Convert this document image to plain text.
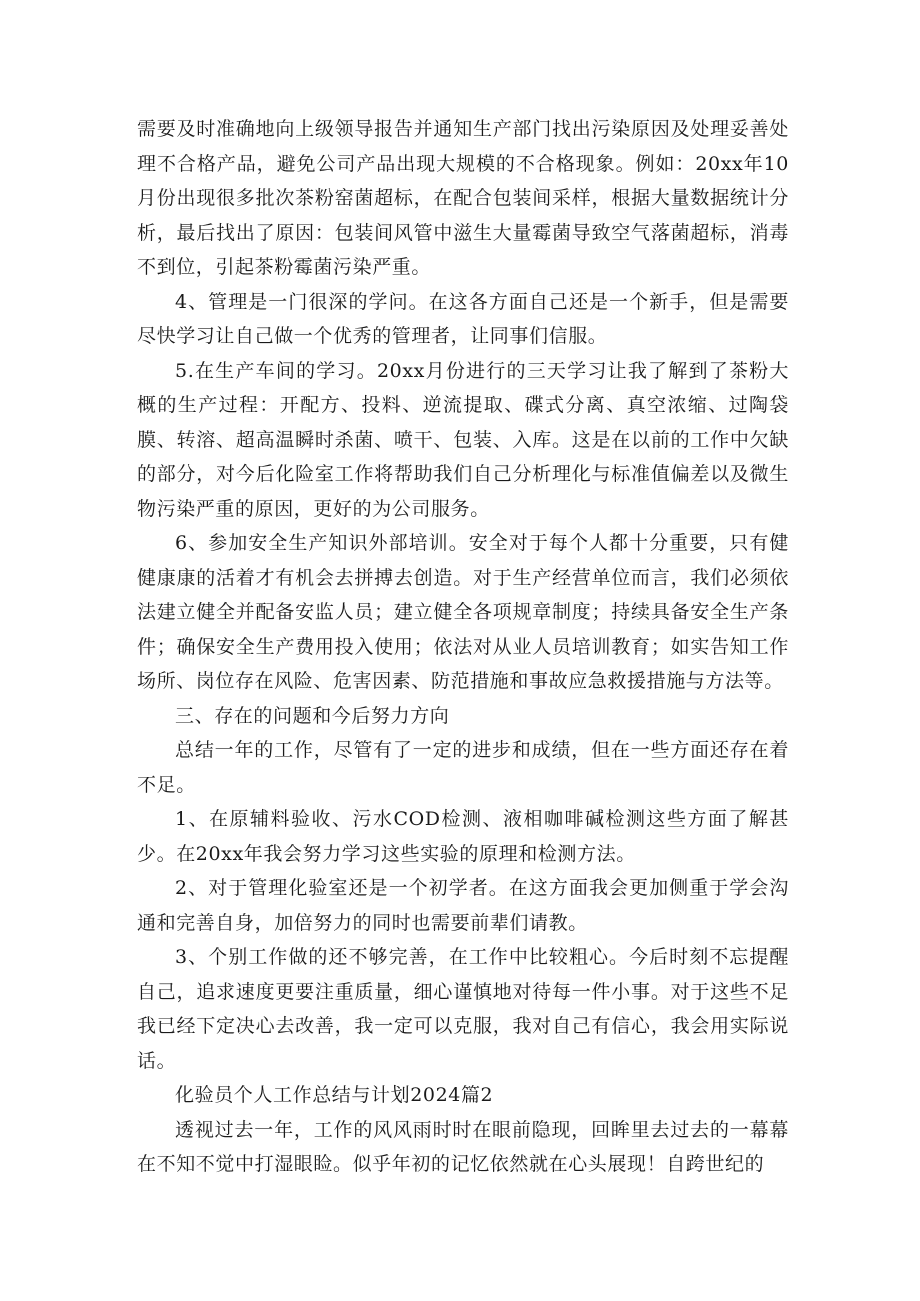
需要及时准确地向上级领导报告并通知生产部门找出污染原因及处理妥善处理不合格产品，避免公司产品出现大规模的不合格现象。例如：20xx年10月份出现很多批次茶粉窑菌超标，在配合包装间采样，根据大量数据统计分析，最后找出了原因：包装间风管中滋生大量霉菌导致空气落菌超标，消毒不到位，引起茶粉霉菌污染严重。

4、管理是一门很深的学问。在这各方面自己还是一个新手，但是需要尽快学习让自己做一个优秀的管理者，让同事们信服。

5.在生产车间的学习。20xx月份进行的三天学习让我了解到了茶粉大概的生产过程：开配方、投料、逆流提取、碟式分离、真空浓缩、过陶袋膜、转溶、超高温瞬时杀菌、喷干、包装、入库。这是在以前的工作中欠缺的部分，对今后化险室工作将帮助我们自己分析理化与标准值偏差以及微生物污染严重的原因，更好的为公司服务。

6、参加安全生产知识外部培训。安全对于每个人都十分重要，只有健健康康的活着才有机会去拼搏去创造。对于生产经营单位而言，我们必须依法建立健全并配备安监人员；建立健全各项规章制度；持续具备安全生产条件；确保安全生产费用投入使用；依法对从业人员培训教育；如实告知工作场所、岗位存在风险、危害因素、防范措施和事故应急救援措施与方法等。

三、存在的问题和今后努力方向

总结一年的工作，尽管有了一定的进步和成绩，但在一些方面还存在着不足。

1、在原辅料验收、污水COD检测、液相咖啡碱检测这些方面了解甚少。在20xx年我会努力学习这些实验的原理和检测方法。

2、对于管理化验室还是一个初学者。在这方面我会更加侧重于学会沟通和完善自身，加倍努力的同时也需要前辈们请教。

3、个别工作做的还不够完善，在工作中比较粗心。今后时刻不忘提醒自己，追求速度更要注重质量，细心谨慎地对待每一件小事。对于这些不足我已经下定决心去改善，我一定可以克服，我对自己有信心，我会用实际说话。

化验员个人工作总结与计划2024篇2

透视过去一年，工作的风风雨时时在眼前隐现，回眸里去过去的一幕幕在不知不觉中打湿眼睑。似乎年初的记忆依然就在心头展现！自跨世纪的
